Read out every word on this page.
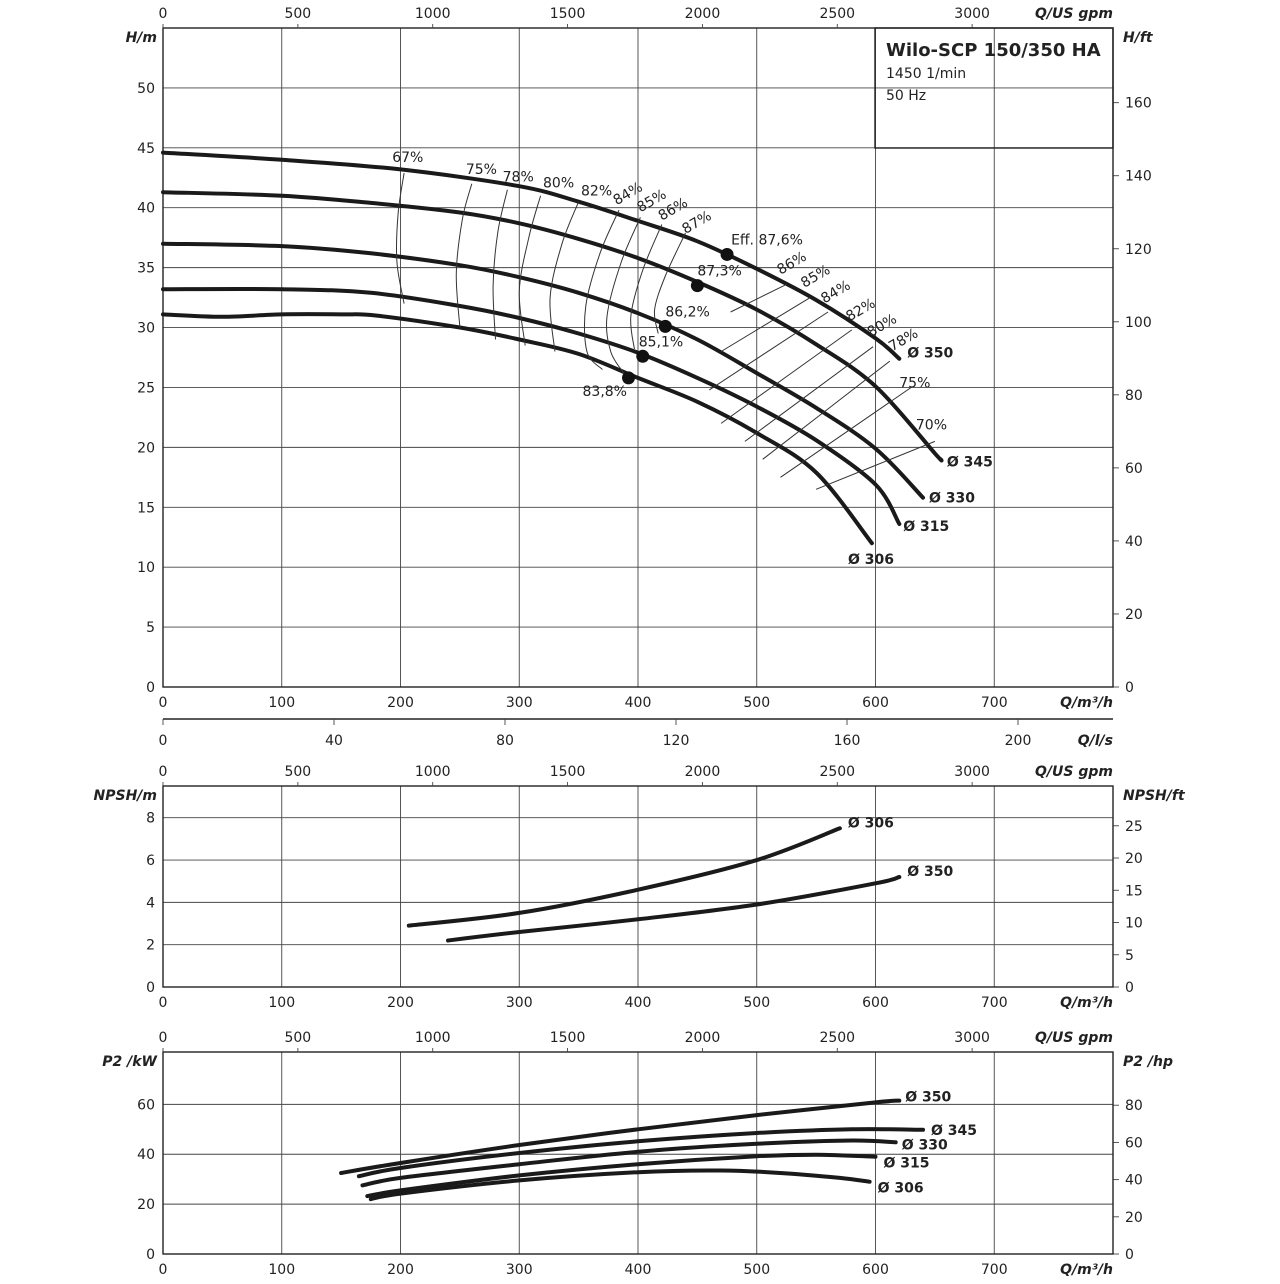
0
5
10
15
20
25
30
35
40
45
50
0
20
40
60
80
100
120
140
160
0	100	200	300	400	500	600	700
0	500	1000	1500	2000	2500	3000	Q/US gpm
Q/m³/h
H/m	H/ft
Ø 350
Ø 345
Ø 330
Ø 315
Ø 306
67%
75% 78% 80%
82%
84%
85%
86%
87%
86%
85%
84%
82%
80%
78%
75%
70%
Eff. 87,6%
87,3%
86,2%
85,1%
83,8%
0	40	80	120	160	200	Q/l/s
Wilo-SCP 150/350 HA
1450 1/min
50 Hz
0
2
4
6
8
0
5
10
15
20
25
0	100	200	300	400	500	600	700
0	500	1000	1500	2000	2500	3000	Q/US gpm
Q/m³/h
NPSH/m	NPSH/ft
Ø 306
Ø 350
0
20
40
60
0
20
40
60
80
0	100	200	300	400	500	600	700
0	500	1000	1500	2000	2500	3000	Q/US gpm
Q/m³/h
P2 /kW	P2 /hp
Ø 350
Ø 345
Ø 330
Ø 315
Ø 306
